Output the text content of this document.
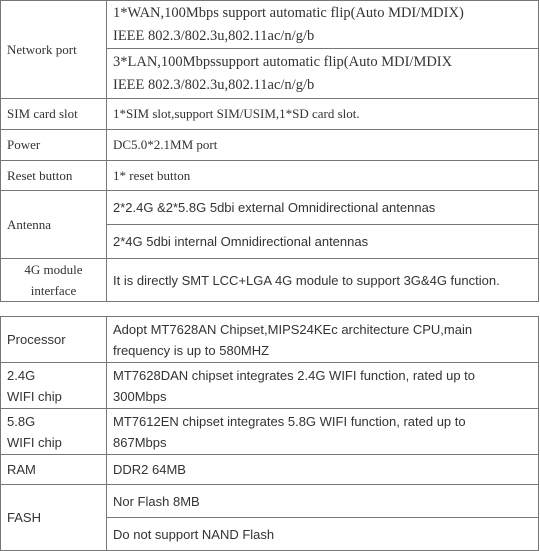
Network port	1*WAN,100Mbps support automatic flip(Auto MDI/MDIX)
IEEE 802.3/802.3u,802.11ac/n/g/b

	3*LAN,100Mbpssupport automatic flip(Auto MDI/MDIX
IEEE 802.3/802.3u,802.11ac/n/g/b

SIM card slot	1*SIM slot,support SIM/USIM,1*SD card slot.
Power	DC5.0*2.1MM port
Reset button	1* reset button
Antenna	2*2.4G &2*5.8G 5dbi external Omnidirectional antennas
	2*4G 5dbi internal Omnidirectional antennas
4G module
interface	It is directly SMT LCC+LGA 4G module to support 3G&4G function.
Processor	Adopt MT7628AN Chipset,MIPS24KEc architecture CPU,main
frequency is up to 580MHZ
2.4G
WIFI chip	MT7628DAN chipset integrates 2.4G WIFI function, rated up to
300Mbps
5.8G
WIFI chip	MT7612EN chipset integrates 5.8G WIFI function, rated up to
867Mbps
RAM	DDR2 64MB
FASH	Nor Flash 8MB
	Do not support NAND Flash
